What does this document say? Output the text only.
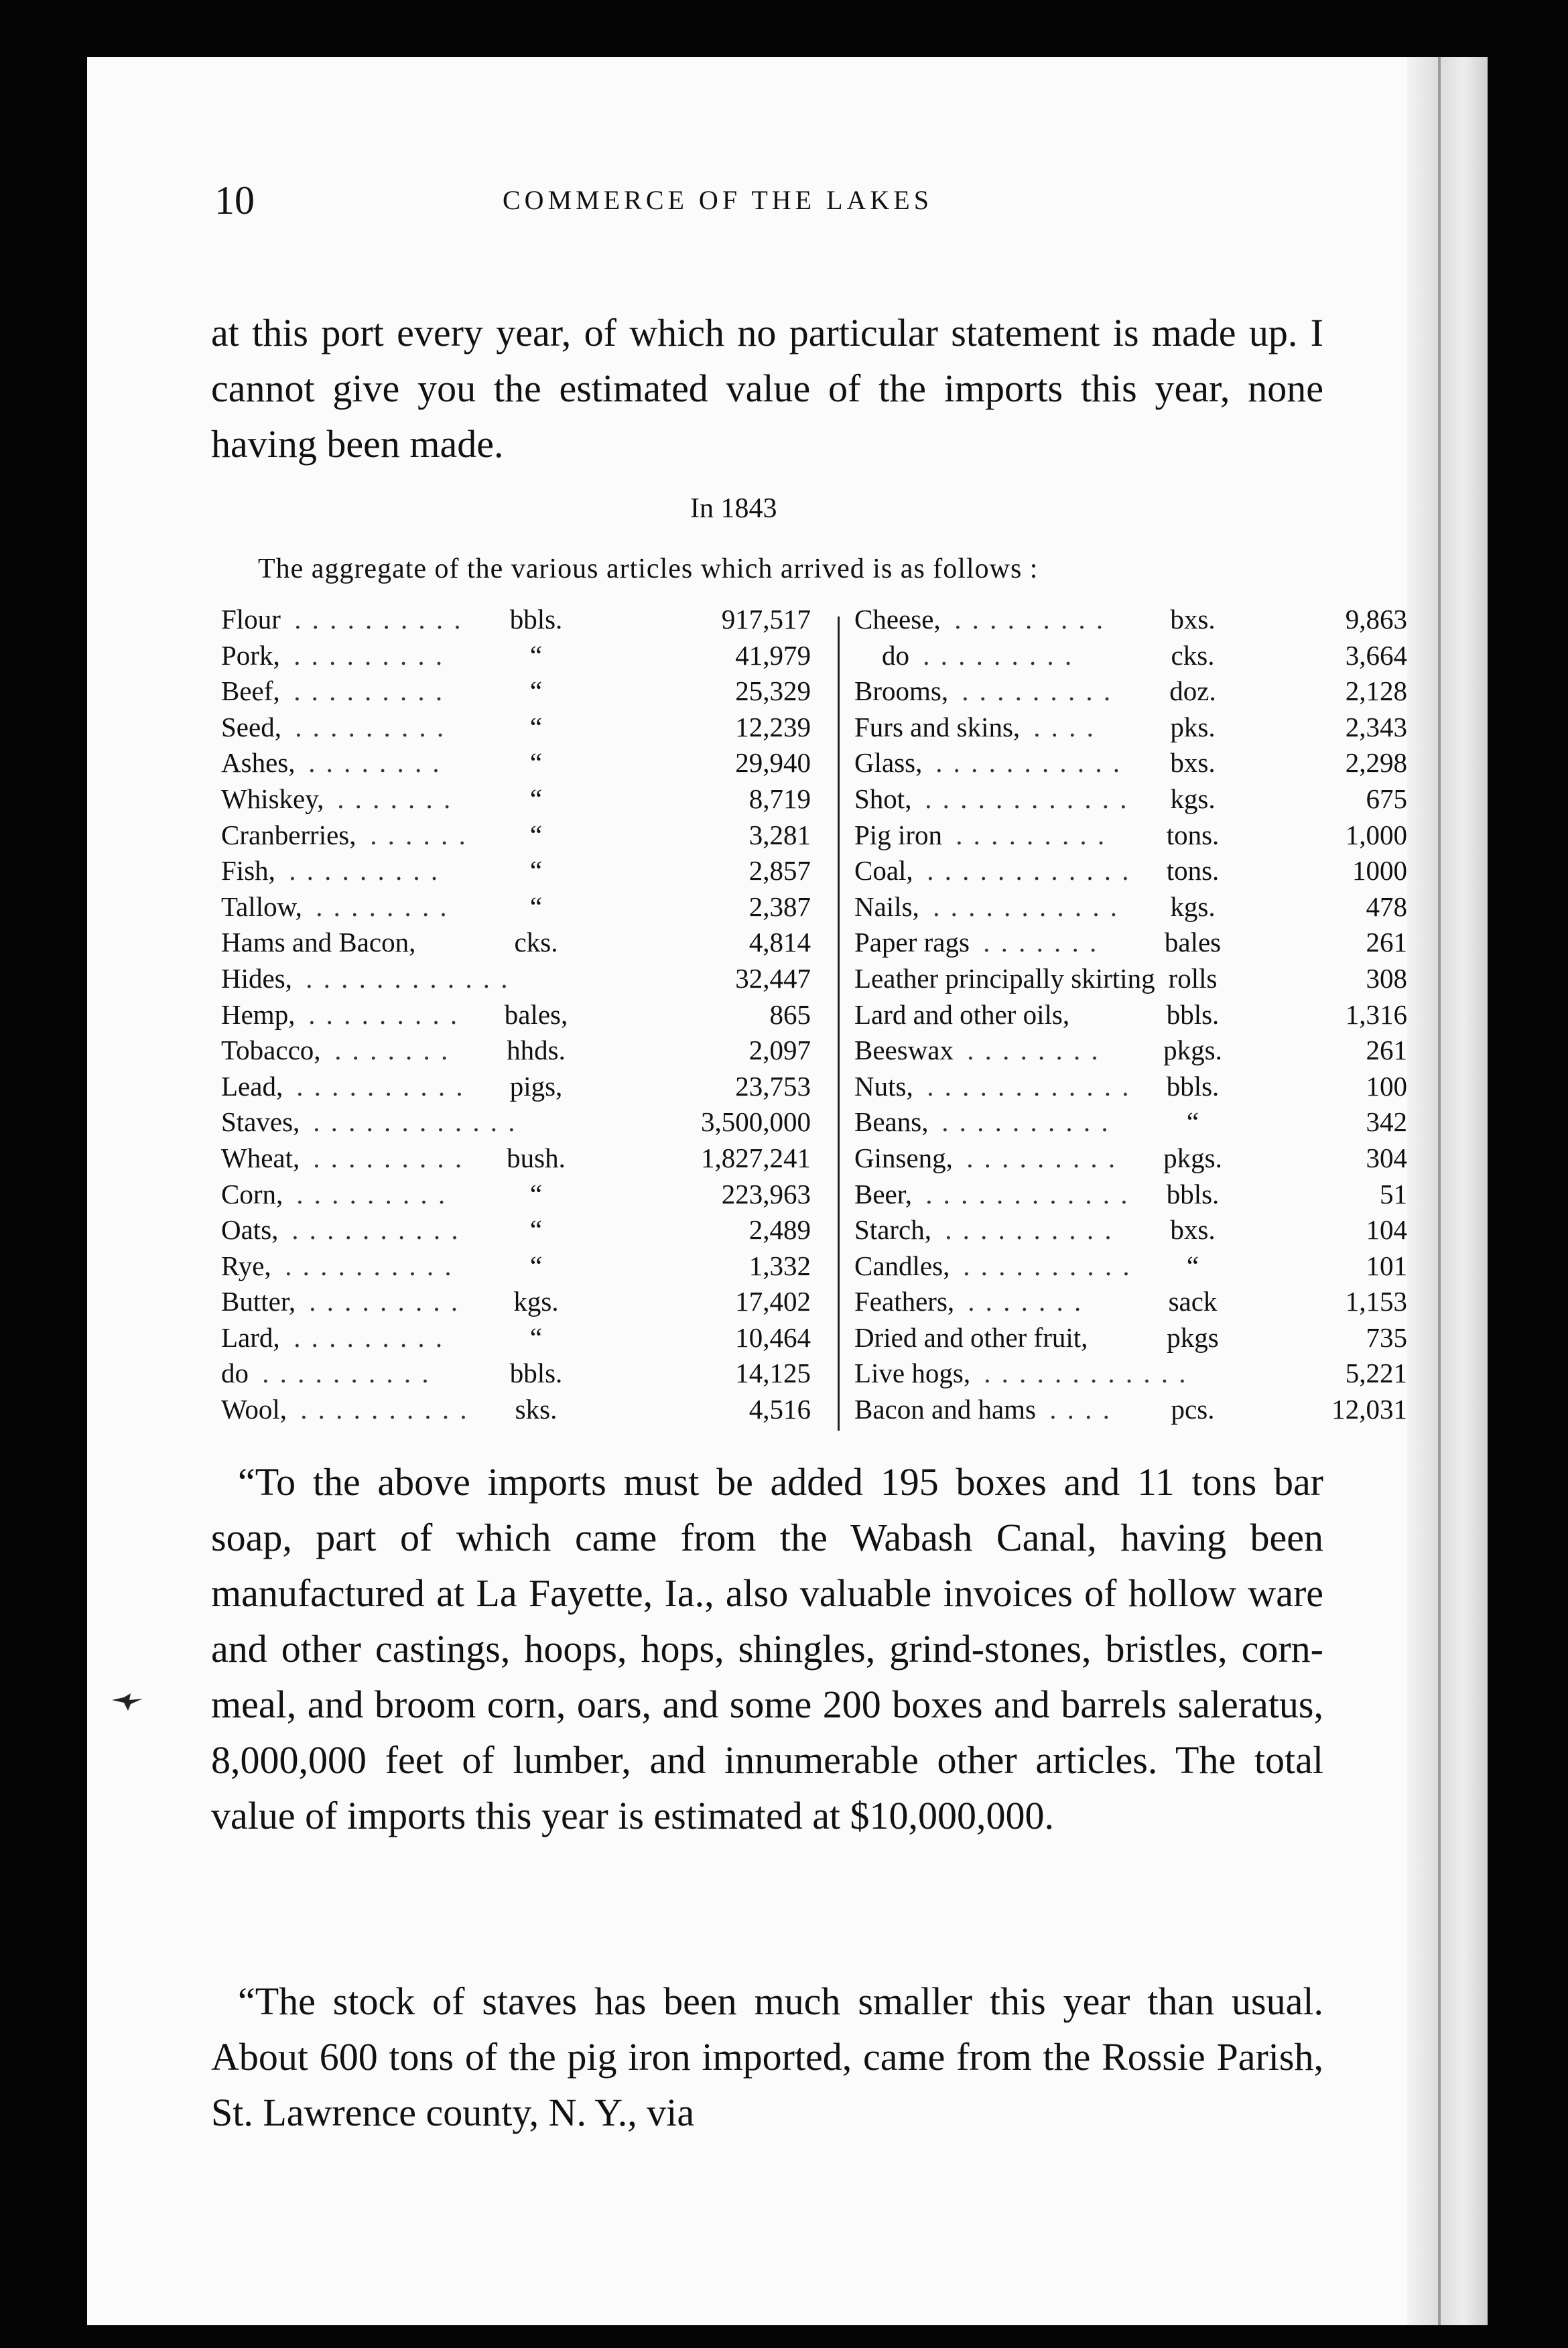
10	COMMERCE OF THE LAKES
at this port every year, of which no particular statement is made up. I cannot give you the estimated value of the imports this year, none having been made.
In 1843
The aggregate of the various articles which arrived is as follows :
Flour  . . . . . . . . . .	bbls.	917,517
Pork,  . . . . . . . . .	“	41,979
Beef,  . . . . . . . . .	“	25,329
Seed,  . . . . . . . . .	“	12,239
Ashes,  . . . . . . . .	“	29,940
Whiskey,  . . . . . . .	“	8,719
Cranberries,  . . . . . .	“	3,281
Fish,  . . . . . . . . .	“	2,857
Tallow,  . . . . . . . .	“	2,387
Hams and Bacon,	cks.	4,814
Hides,  . . . . . . . . . . . .	32,447
Hemp,  . . . . . . . . .	bales,	865
Tobacco,  . . . . . . .	hhds.	2,097
Lead,  . . . . . . . . . .	pigs,	23,753
Staves,  . . . . . . . . . . . .	3,500,000
Wheat,  . . . . . . . . .	bush.	1,827,241
Corn,  . . . . . . . . .	“	223,963
Oats,  . . . . . . . . . .	“	2,489
Rye,  . . . . . . . . . .	“	1,332
Butter,  . . . . . . . . .	kgs.	17,402
Lard,  . . . . . . . . .	“	10,464
do  . . . . . . . . . .	bbls.	14,125
Wool,  . . . . . . . . . .	sks.	4,516
Cheese,  . . . . . . . . .	bxs.	9,863
 do  . . . . . . . . .	cks.	3,664
Brooms,  . . . . . . . . .	doz.	2,128
Furs and skins,  . . . .	pks.	2,343
Glass,  . . . . . . . . . . .	bxs.	2,298
Shot,  . . . . . . . . . . . .	kgs.	675
Pig iron  . . . . . . . . .	tons.	1,000
Coal,  . . . . . . . . . . . .	tons.	1000
Nails,  . . . . . . . . . . .	kgs.	478
Paper rags  . . . . . . .	bales	261
Leather principally skirting rolls	308
Lard and other oils,	bbls.	1,316
Beeswax  . . . . . . . .	pkgs.	261
Nuts,  . . . . . . . . . . . .	bbls.	100
Beans,  . . . . . . . . . .	“	342
Ginseng,  . . . . . . . . .	pkgs.	304
Beer,  . . . . . . . . . . . .	bbls.	51
Starch,  . . . . . . . . . .	bxs.	104
Candles,  . . . . . . . . . .	“	101
Feathers,  . . . . . . .	sack	1,153
Dried and other fruit,	pkgs	735
Live hogs,  . . . . . . . . . . . .	5,221
Bacon and hams  . . . .	pcs.	12,031
“To the above imports must be added 195 boxes and 11 tons bar soap, part of which came from the Wabash Canal, having been manufactured at La Fayette, Ia., also valuable invoices of hollow ware and other castings, hoops, hops, shingles, grind-stones, bristles, corn-meal, and broom corn, oars, and some 200 boxes and barrels saleratus, 8,000,000 feet of lumber, and innumerable other articles. The total value of imports this year is estimated at $10,000,000.
“The stock of staves has been much smaller this year than usual. About 600 tons of the pig iron imported, came from the Rossie Parish, St. Lawrence county, N. Y., via
